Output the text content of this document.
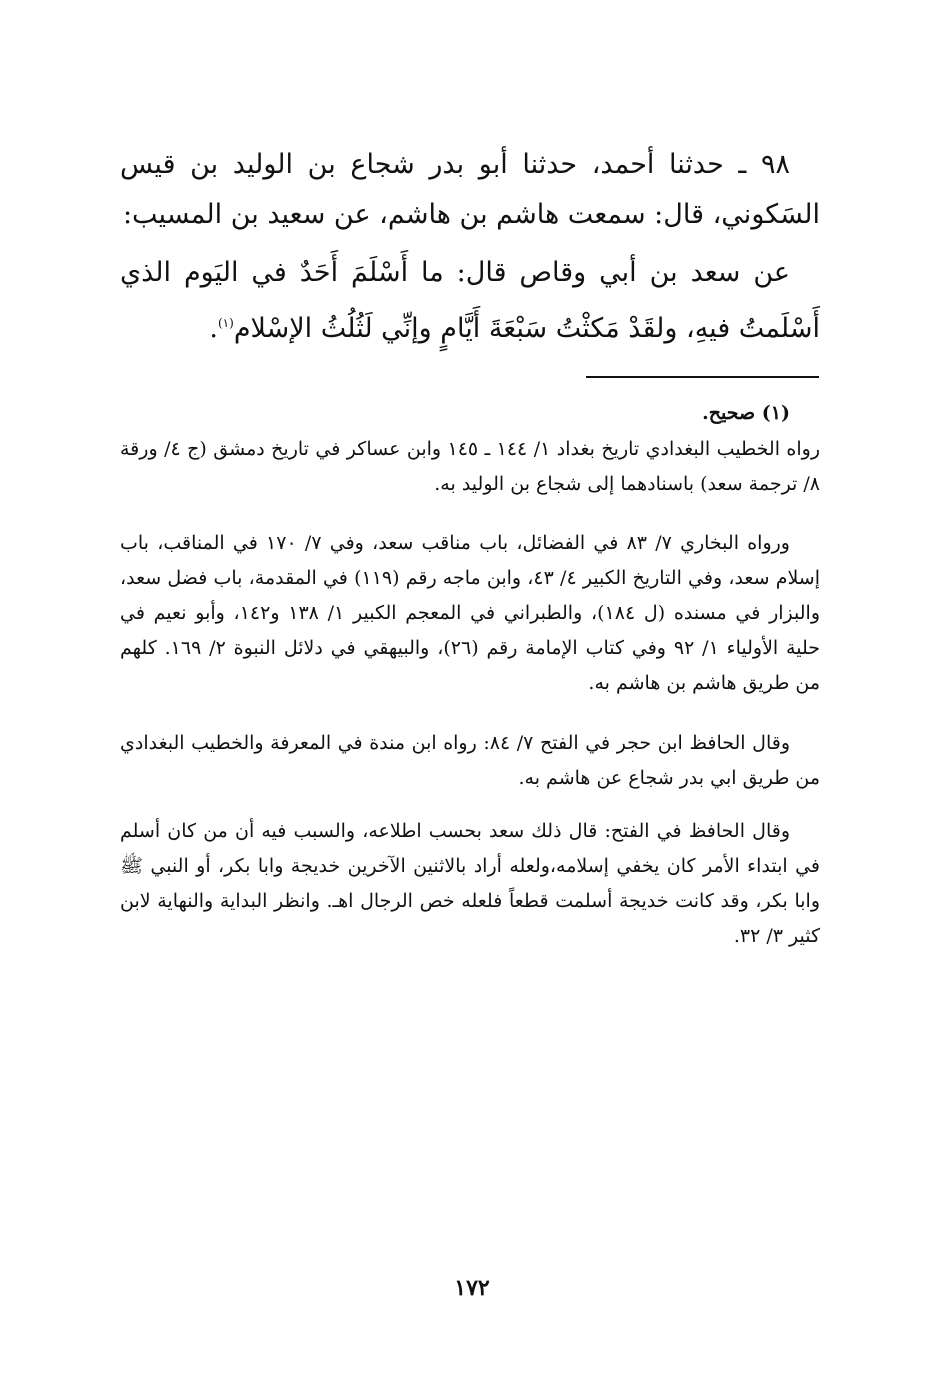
٩٨ ـ حدثنا أحمد، حدثنا أبو بدر شجاع بن الوليد بن قيس السَكوني، قال: سمعت هاشم بن هاشم، عن سعيد بن المسيب:

عن سعد بن أبي وقاص قال: ما أَسْلَمَ أَحَدٌ في اليَوم الذي أَسْلَمتُ فيهِ، ولقَدْ مَكثْتُ سَبْعَةَ أَيَّامٍ وإنِّي لَثُلُثُ الإسْلام$^{(١)}$.

(١) صحيح.

رواه الخطيب البغدادي تاريخ بغداد ١/ ١٤٤ ـ ١٤٥ وابن عساكر في تاريخ دمشق (ج ٤/ ورقة ٨/ ترجمة سعد) باسنادهما إلى شجاع بن الوليد به.

ورواه البخاري ٧/ ٨٣ في الفضائل، باب مناقب سعد، وفي ٧/ ١٧٠ في المناقب، باب إسلام سعد، وفي التاريخ الكبير ٤/ ٤٣، وابن ماجه رقم (١١٩) في المقدمة، باب فضل سعد، والبزار في مسنده (ل ١٨٤)، والطبراني في المعجم الكبير ١/ ١٣٨ و١٤٢، وأبو نعيم في حلية الأولياء ١/ ٩٢ وفي كتاب الإمامة رقم (٢٦)، والبيهقي في دلائل النبوة ٢/ ١٦٩. كلهم من طريق هاشم بن هاشم به.

وقال الحافظ ابن حجر في الفتح ٧/ ٨٤: رواه ابن مندة في المعرفة والخطيب البغدادي من طريق ابي بدر شجاع عن هاشم به.

وقال الحافظ في الفتح: قال ذلك سعد بحسب اطلاعه، والسبب فيه أن من كان أسلم في ابتداء الأمر كان يخفي إسلامه،ولعله أراد بالاثنين الآخرين خديجة وابا بكر، أو النبي ﷺ وابا بكر، وقد كانت خديجة أسلمت قطعاً فلعله خص الرجال اهـ. وانظر البداية والنهاية لابن كثير ٣/ ٣٢.

١٧٢
